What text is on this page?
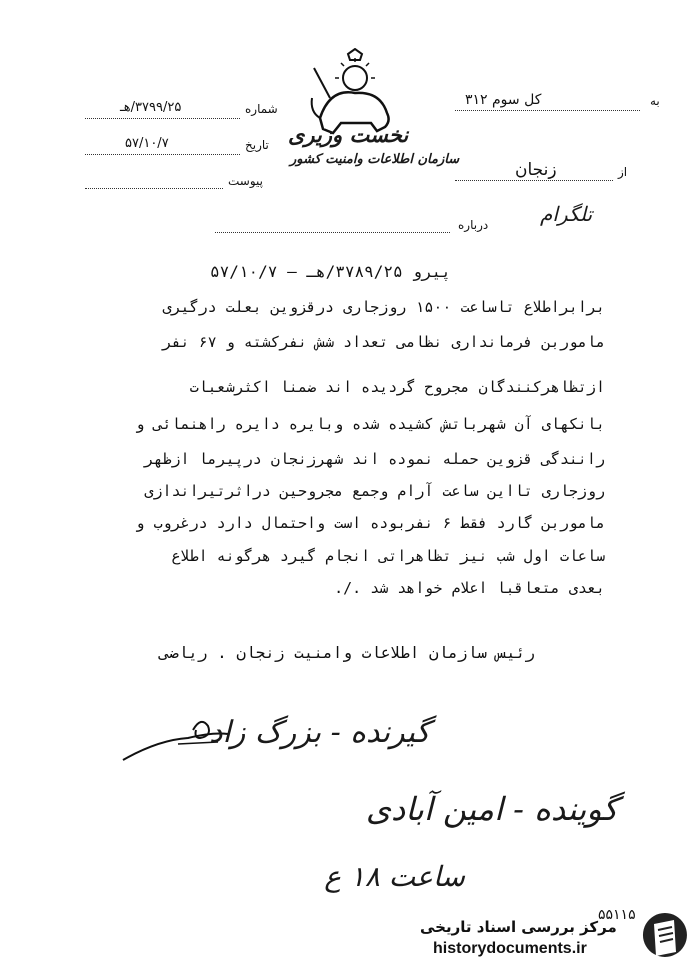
نخست وزیری
سازمان اطلاعات وامنیت کشور
شماره
۳۷۹۹/۲۵/هـ
تاریخ
۵۷/۱۰/۷
پیوست
به
کل سوم ۳۱۲
از
زنجان
درباره	تلگرام
پیرو ۳۷۸۹/۲۵/هـ — ۵۷/۱۰/۷
برابراطلاع تاساعت ۱۵۰۰ روزجاری درقزوین بعلت درگیری
ماموربن فرمانداری نظامی تعداد شش نفرکشته و ۶۷ نفر
ازتظاهرکنندگان مجروح گردیده اند ضمنا اکثرشعبات
بانکهای آن شهرباتش کشیده شده وبایره دایره راهنمائی و
رانندگی قزوین حمله نموده اند شهرزنجان درپیرما ازظهر
روزجاری تااین ساعت آرام وجمع مجروحین دراثرتیراندازی
ماموربن گارد فقط ۶ نفربوده است واحتمال دارد درغروب و
ساعات اول شب نیز تظاهراتی انجام گیرد هرگونه اطلاع
بعدی متعاقبا اعلام خواهد شد ./.
رئیس سازمان اطلاعات وامنیت زنجان . ریاضی
گیرنده - بزرگ زاد
گوینده - امین آبادی
ساعت ۱۸ ع
۵۵۱۱۵
مرکز بررسی اسناد تاریخی
historydocuments.ir
